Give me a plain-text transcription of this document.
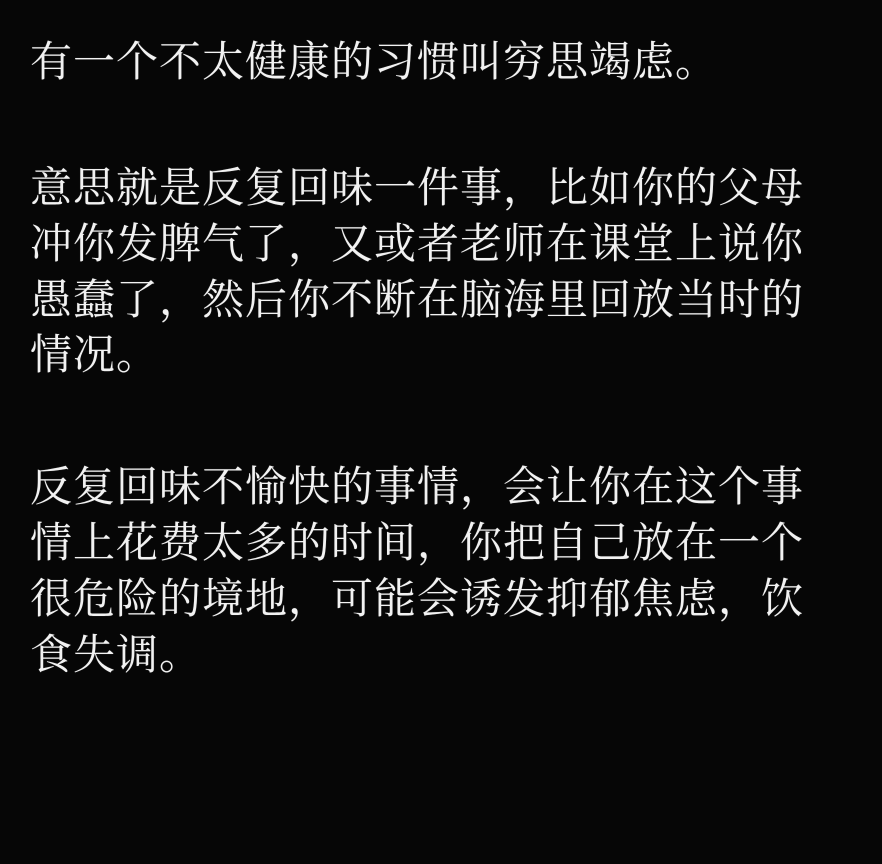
有一个不太健康的习惯叫穷思竭虑。

意思就是反复回味一件事，比如你的父母冲你发脾气了，又或者老师在课堂上说你愚蠢了，然后你不断在脑海里回放当时的情况。

反复回味不愉快的事情，会让你在这个事情上花费太多的时间，你把自己放在一个很危险的境地，可能会诱发抑郁焦虑，饮食失调。
